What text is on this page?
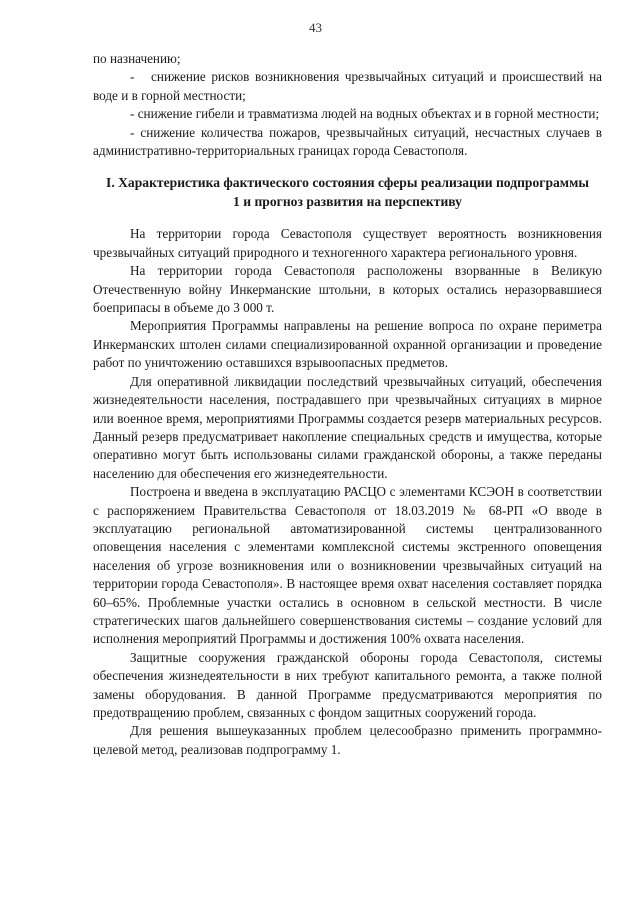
43

по назначению;

-   снижение рисков возникновения чрезвычайных ситуаций и происшествий на воде и в горной местности;

- снижение гибели и травматизма людей на водных объектах и в горной местности;

- снижение количества пожаров, чрезвычайных ситуаций, несчастных случаев в административно-территориальных границах города Севастополя.

I. Характеристика фактического состояния сферы реализации подпрограммы 1 и прогноз развития на перспективу

На территории города Севастополя существует вероятность возникновения чрезвычайных ситуаций природного и техногенного характера регионального уровня.

На территории города Севастополя расположены взорванные в Великую Отечественную войну Инкерманские штольни, в которых остались неразорвавшиеся боеприпасы в объеме до 3 000 т.

Мероприятия Программы направлены на решение вопроса по охране периметра Инкерманских штолен силами специализированной охранной организации и проведение работ по уничтожению оставшихся взрывоопасных предметов.

Для оперативной ликвидации последствий чрезвычайных ситуаций, обеспечения жизнедеятельности населения, пострадавшего при чрезвычайных ситуациях в мирное или военное время, мероприятиями Программы создается резерв материальных ресурсов. Данный резерв предусматривает накопление специальных средств и имущества, которые оперативно могут быть использованы силами гражданской обороны, а также переданы населению для обеспечения его жизнедеятельности.

Построена и введена в эксплуатацию РАСЦО с элементами КСЭОН в соответствии с распоряжением Правительства Севастополя от 18.03.2019 № 68-РП «О вводе в эксплуатацию региональной автоматизированной системы централизованного оповещения населения с элементами комплексной системы экстренного оповещения населения об угрозе возникновения или о возникновении чрезвычайных ситуаций на территории города Севастополя». В настоящее время охват населения составляет порядка 60–65%. Проблемные участки остались в основном в сельской местности. В числе стратегических шагов дальнейшего совершенствования системы – создание условий для исполнения мероприятий Программы и достижения 100% охвата населения.

Защитные сооружения гражданской обороны города Севастополя, системы обеспечения жизнедеятельности в них требуют капитального ремонта, а также полной замены оборудования. В данной Программе предусматриваются мероприятия по предотвращению проблем, связанных с фондом защитных сооружений города.

Для решения вышеуказанных проблем целесообразно применить программно-целевой метод, реализовав подпрограмму 1.
